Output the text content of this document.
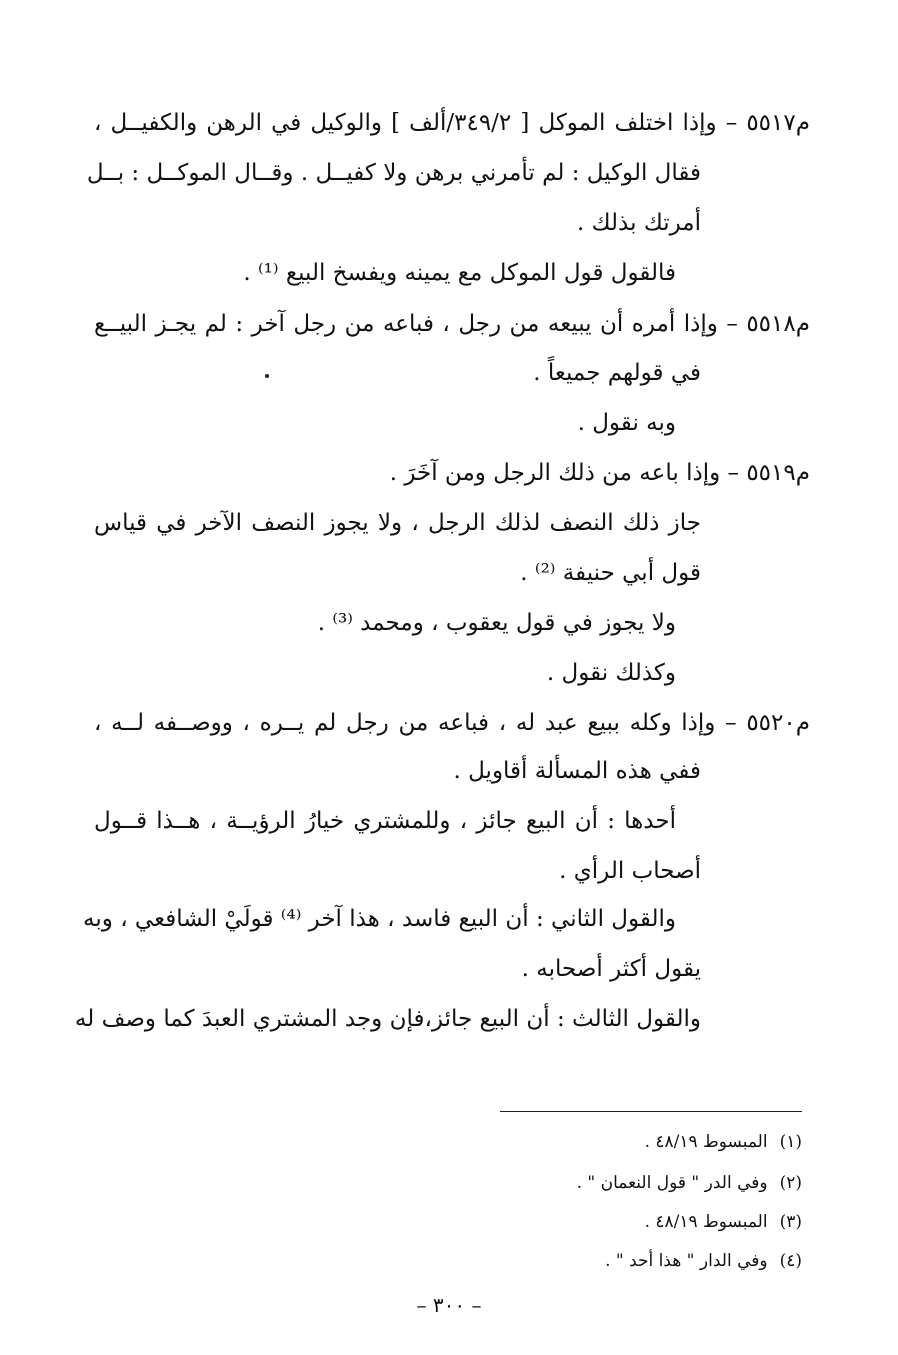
م٥٥١٧ – وإذا اختلف الموكل [ ٣٤٩/٢/ألف ] والوكيل في الرهن والكفيــل ،
فقال الوكيل : لم تأمرني برهن ولا كفيــل . وقــال الموكــل : بــل
أمرتك بذلك .
فالقول قول الموكل مع يمينه ويفسخ البيع ⁽¹⁾ .
م٥٥١٨ – وإذا أمره أن يبيعه من رجل ، فباعه من رجل آخر : لم يجـز البيــع
في قولهم جميعاً .
وبه نقول .
م٥٥١٩ – وإذا باعه من ذلك الرجل ومن آخَرَ .
جاز ذلك النصف لذلك الرجل ، ولا يجوز النصف الآخر في قياس
قول أبي حنيفة ⁽²⁾ .
ولا يجوز في قول يعقوب ، ومحمد ⁽³⁾ .
وكذلك نقول .
م٥٥٢٠ – وإذا وكله ببيع عبد له ، فباعه من رجل لم يــره ، ووصــفه لــه ،
ففي هذه المسألة أقاويل .
أحدها : أن البيع جائز ، وللمشتري خيارُ الرؤيــة ، هــذا قــول
أصحاب الرأي .
والقول الثاني : أن البيع فاسد ، هذا آخر ⁽⁴⁾ قولَيْ الشافعي ، وبه
يقول أكثر أصحابه .
والقول الثالث : أن البيع جائز،فإن وجد المشتري العبدَ كما وصف له
(١)المبسوط ٤٨/١٩ .
(٢)وفي الدر " قول النعمان " .
(٣)المبسوط ٤٨/١٩ .
(٤)وفي الدار " هذا أحد " .
– ٣٠٠ –
